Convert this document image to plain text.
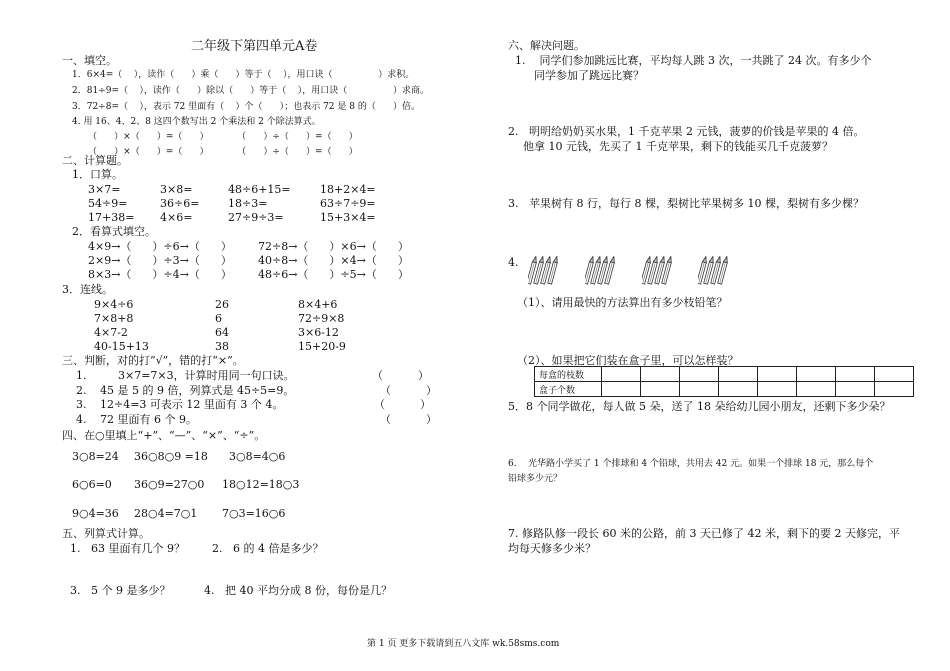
二年级下第四单元A卷
一、填空。
1．6×4=（    ），读作（      ）乘（      ）等于（    ），用口诀（                ）求积。
2．81÷9=（    ），读作（      ）除以（      ）等于（    ），用口诀（                ）求商。
3．72÷8=（    ），表示 72 里面有（    ）个（      ）；也表示 72 是 8 的（      ）倍。
4. 用 16、4、2、8 这四个数写出 2 个乘法和 2 个除法算式。
（      ）×（      ）=（      ）          （      ）÷（      ）=（      ）
（      ）×（      ）=（      ）          （      ）÷（      ）=（      ）
二、计算题。
1．口算。
3×7=	3×8=	48÷6+15=	18+2×4=
54÷9=	36÷6=	18÷3=	63÷7÷9=
17+38= 4×6=	27÷9÷3=	15+3×4=
2．看算式填空。
4×9→（      ）÷6→（      ） 72÷8→（      ）×6→（      ）
2×9→（      ）÷3→（      ） 40÷8→（      ）×4→（      ）
8×3→（      ）÷4→（      ） 48÷6→（      ）÷5→（      ）
3．连线。
9×4÷6	26	8×4+6
7×8+8	6	72÷9×8
4×7-2	64	3×6-12
40-15+13	38	15+20-9
三、判断，对的打“√”，错的打“×”。
1.	3×7=7×3，计算时用同一句口诀。	（          ）
2. 45 是 5 的 9 倍，列算式是 45÷5=9。	（          ）
3. 12÷4=3 可表示 12 里面有 3 个 4。	（          ）
4. 72 里面有 6 个 9。	（          ）
四、在○里填上“+”、“—”、“×”、“÷”。
3○8=24 36○8○9 =18 3○8=4○6
6○6=0 36○9=27○0 18○12=18○3
9○4=36 28○4=7○1 7○3=16○6
五、列算式计算。
1.   63 里面有几个 9？ 2.   6 的 4 倍是多少？
3.   5 个 9 是多少？	4.   把 40 平均分成 8 份，每份是几？
六、解决问题。
1.    同学们参加跳远比赛，平均每人跳 3 次，一共跳了 24 次。有多少个
同学参加了跳远比赛？
2.   明明给奶奶买水果，1 千克苹果 2 元钱，菠萝的价钱是苹果的 4 倍。
他拿 10 元钱，先买了 1 千克苹果，剩下的钱能买几千克菠萝？
3.   苹果树有 8 行，每行 8 棵，梨树比苹果树多 10 棵，梨树有多少棵？
4.
（1）、请用最快的方法算出有多少枝铅笔？
（2）、如果把它们装在盒子里，可以怎样装？
每盒的枝数								
盒子个数								
5．8 个同学做花，每人做 5 朵，送了 18 朵给幼儿园小朋友，还剩下多少朵？
6.    光华路小学买了 1 个排球和 4 个铅球，共用去 42 元。如果一个排球 18 元，那么每个
铅球多少元？
7. 修路队修一段长 60 米的公路，前 3 天已修了 42 米，剩下的要 2 天修完，平
均每天修多少米？
第 1 页 更多下载请到五八文库 wk.58sms.com
